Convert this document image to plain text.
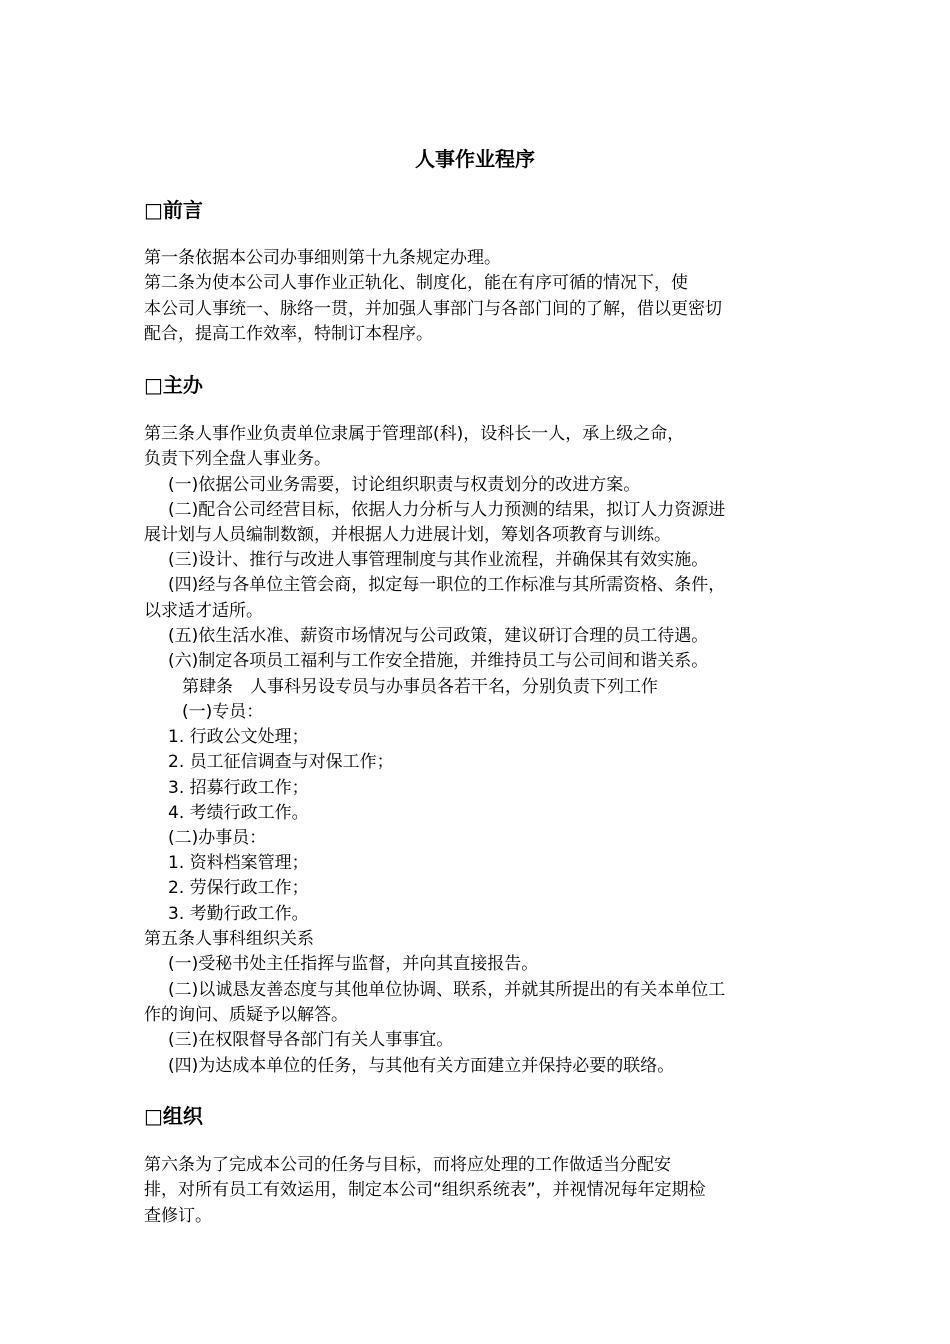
人事作业程序
□前言
第一条依据本公司办事细则第十九条规定办理。
第二条为使本公司人事作业正轨化、制度化，能在有序可循的情况下，使
本公司人事统一、脉络一贯，并加强人事部门与各部门间的了解，借以更密切
配合，提高工作效率，特制订本程序。
□主办
第三条人事作业负责单位隶属于管理部(科)，设科长一人，承上级之命，
负责下列全盘人事业务。
(一)依据公司业务需要，讨论组织职责与权责划分的改进方案。
(二)配合公司经营目标，依据人力分析与人力预测的结果，拟订人力资源进
展计划与人员编制数额，并根据人力进展计划，筹划各项教育与训练。
(三)设计、推行与改进人事管理制度与其作业流程，并确保其有效实施。
(四)经与各单位主管会商，拟定每一职位的工作标准与其所需资格、条件，
以求适才适所。
(五)依生活水准、薪资市场情况与公司政策，建议研订合理的员工待遇。
(六)制定各项员工福利与工作安全措施，并维持员工与公司间和谐关系。
第肆条　人事科另设专员与办事员各若干名，分别负责下列工作
(一)专员：
1. 行政公文处理；
2. 员工征信调查与对保工作；
3. 招募行政工作；
4. 考绩行政工作。
(二)办事员：
1. 资料档案管理；
2. 劳保行政工作；
3. 考勤行政工作。
第五条人事科组织关系
(一)受秘书处主任指挥与监督，并向其直接报告。
(二)以诚恳友善态度与其他单位协调、联系，并就其所提出的有关本单位工
作的询问、质疑予以解答。
(三)在权限督导各部门有关人事事宜。
(四)为达成本单位的任务，与其他有关方面建立并保持必要的联络。
□组织
第六条为了完成本公司的任务与目标，而将应处理的工作做适当分配安
排，对所有员工有效运用，制定本公司“组织系统表”，并视情况每年定期检
查修订。
